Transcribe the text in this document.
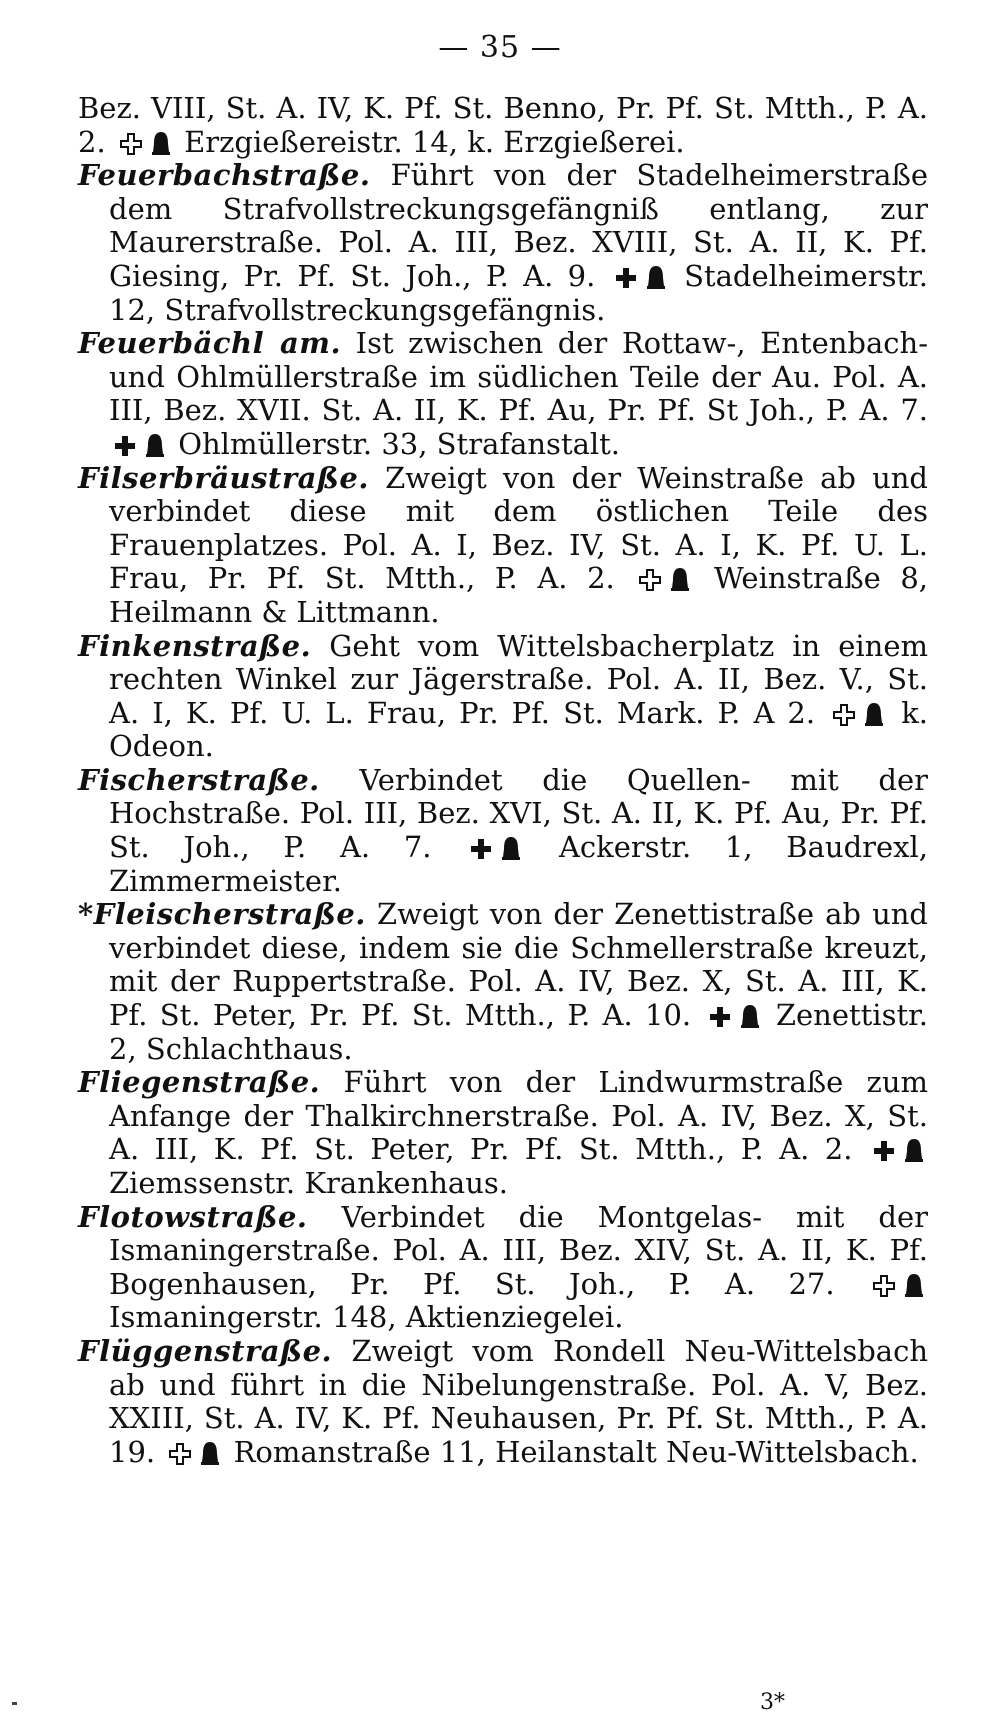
— 35 —

Bez. VIII, St. A. IV, K. Pf. St. Benno, Pr. Pf. St. Mtth., P. A. 2.	Erzgießereistr. 14, k. Erzgießerei.

Feuerbachstraße. Führt von der Stadelheimerstraße dem Strafvollstreckungsgefängniß entlang, zur Maurerstraße. Pol. A. III, Bez. XVIII, St. A. II, K. Pf. Giesing, Pr. Pf. St. Joh., P. A. 9.	Stadelheimerstr. 12, Strafvollstreckungsgefängnis.

Feuerbächl am. Ist zwischen der Rottaw-, Entenbach- und Ohlmüllerstraße im südlichen Teile der Au. Pol. A. III, Bez. XVII. St. A. II, K. Pf. Au, Pr. Pf. St Joh., P. A. 7.
Ohlmüllerstr. 33, Strafanstalt.

Filserbräustraße. Zweigt von der Weinstraße ab und verbindet diese mit dem östlichen Teile des Frauenplatzes. Pol. A. I, Bez. IV, St. A. I, K. Pf. U. L. Frau, Pr. Pf. St. Mtth., P. A. 2.	Weinstraße 8, Heilmann & Littmann.

Finkenstraße. Geht vom Wittelsbacherplatz in einem rechten Winkel zur Jägerstraße. Pol. A. II, Bez. V., St. A. I, K. Pf. U. L. Frau, Pr. Pf. St. Mark. P. A 2.	k. Odeon.

Fischerstraße. Verbindet die Quellen- mit der Hochstraße. Pol. III, Bez. XVI, St. A. II, K. Pf. Au, Pr. Pf. St. Joh., P. A. 7.	Ackerstr. 1, Baudrexl, Zimmermeister.

*Fleischerstraße. Zweigt von der Zenettistraße ab und verbindet diese, indem sie die Schmellerstraße kreuzt, mit der Ruppertstraße. Pol. A. IV, Bez. X, St. A. III, K. Pf. St. Peter, Pr. Pf. St. Mtth., P. A. 10.	Zenettistr. 2, Schlachthaus.

Fliegenstraße. Führt von der Lindwurmstraße zum Anfange der Thalkirchnerstraße. Pol. A. IV, Bez. X, St. A. III, K. Pf. St. Peter, Pr. Pf. St. Mtth., P. A. 2.
Ziemssenstr. Krankenhaus.

Flotowstraße. Verbindet die Montgelas- mit der Ismaningerstraße. Pol. A. III, Bez. XIV, St. A. II, K. Pf. Bogenhausen, Pr. Pf. St. Joh., P. A. 27.
Ismaningerstr. 148, Aktienziegelei.

Flüggenstraße. Zweigt vom Rondell Neu-Wittelsbach ab und führt in die Nibelungenstraße. Pol. A. V, Bez. XXIII, St. A. IV, K. Pf. Neuhausen, Pr. Pf. St. Mtth., P. A. 19.	Romanstraße 11, Heilanstalt Neu-Wittelsbach.

3*
